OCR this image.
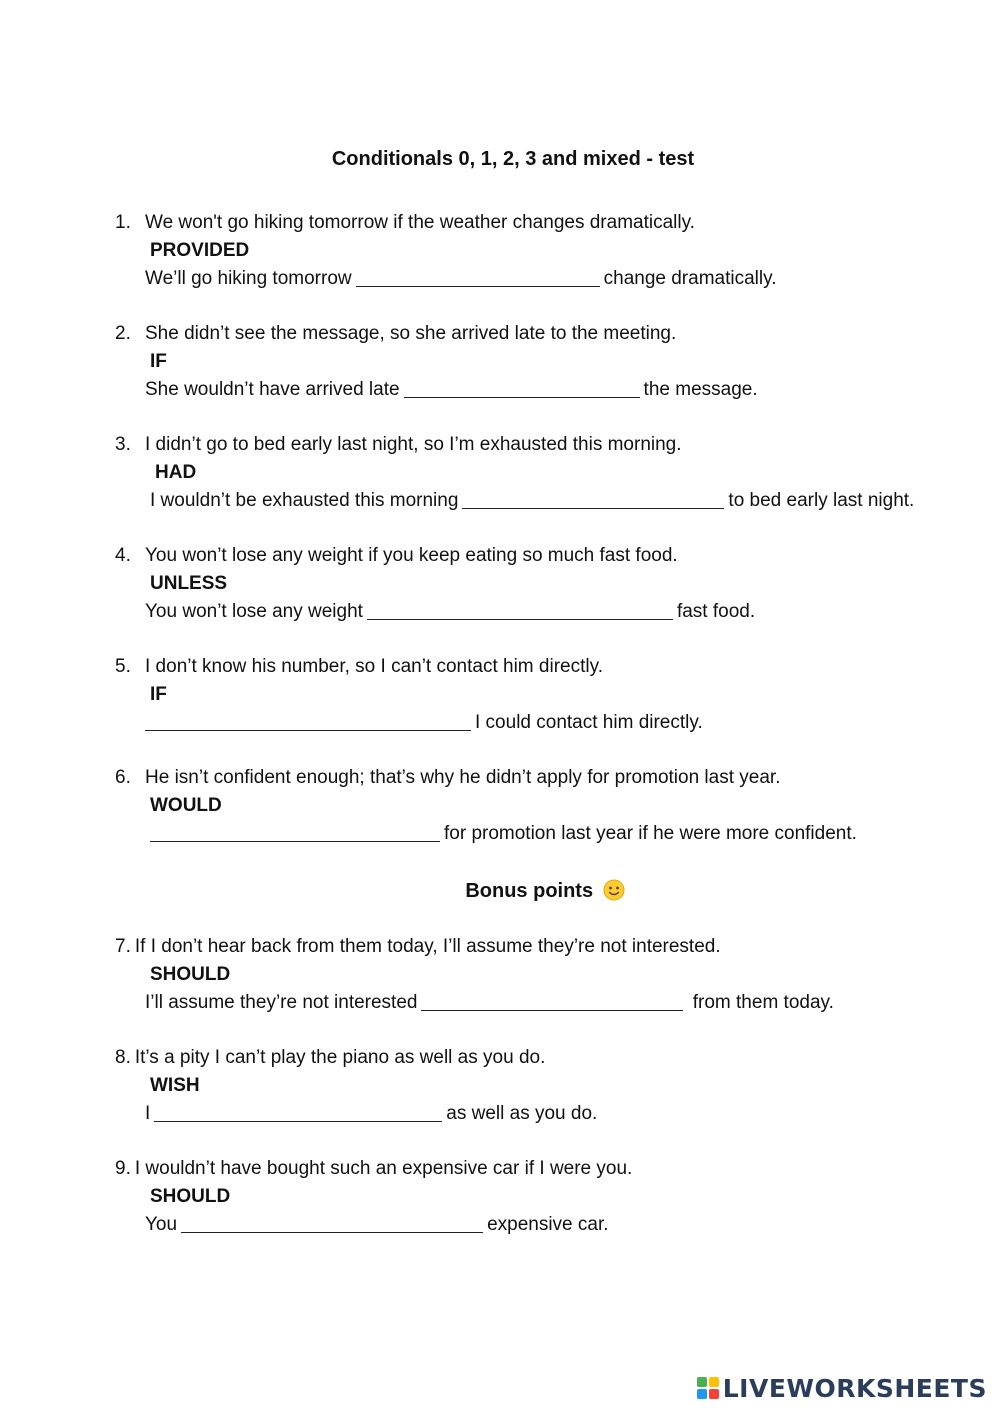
Conditionals 0, 1, 2, 3 and mixed - test
1. We won't go hiking tomorrow if the weather changes dramatically.
PROVIDED
We’ll go hiking tomorrow	change dramatically.
2. She didn’t see the message, so she arrived late to the meeting.
IF
She wouldn’t have arrived late	the message.
3. I didn’t go to bed early last night, so I’m exhausted this morning.
HAD
I wouldn’t be exhausted this morning	to bed early last night.
4. You won’t lose any weight if you keep eating so much fast food.
UNLESS
You won’t lose any weight	fast food.
5. I don’t know his number, so I can’t contact him directly.
IF
I could contact him directly.
6. He isn’t confident enough; that’s why he didn’t apply for promotion last year.
WOULD
for promotion last year if he were more confident.
Bonus points
7. If I don’t hear back from them today, I’ll assume they’re not interested.
SHOULD
I’ll assume they’re not interested	from them today.
8. It’s a pity I can’t play the piano as well as you do.
WISH
I	as well as you do.
9. I wouldn’t have bought such an expensive car if I were you.
SHOULD
You	expensive car.
LIVEWORKSHEETS
